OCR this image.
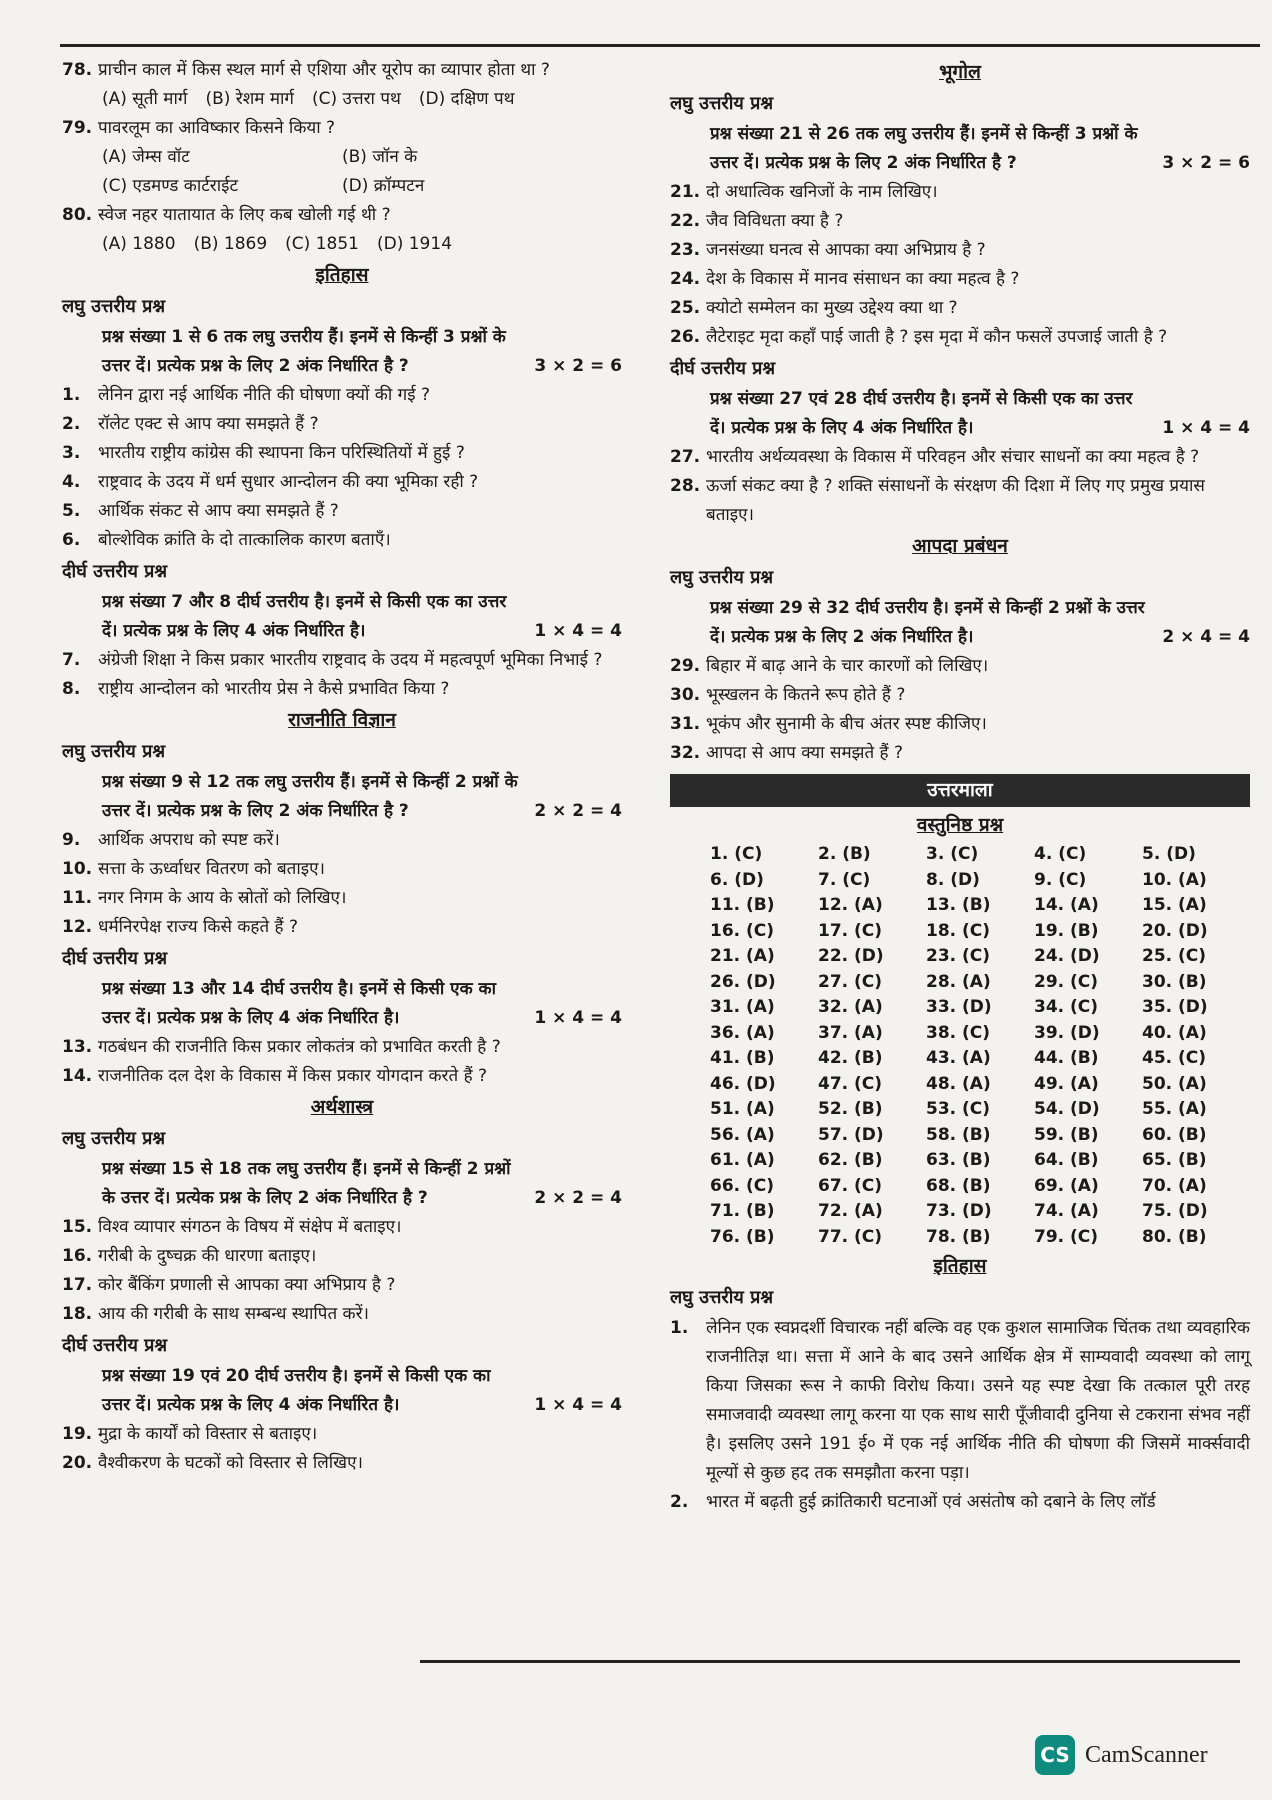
78. प्राचीन काल में किस स्थल मार्ग से एशिया और यूरोप का व्यापार होता था ?
(A) सूती मार्ग (B) रेशम मार्ग (C) उत्तरा पथ (D) दक्षिण पथ
79. पावरलूम का आविष्कार किसने किया ?
(A) जेम्स वॉट	(B) जॉन के
(C) एडमण्ड कार्टराईट	(D) क्रॉम्पटन
80. स्वेज नहर यातायात के लिए कब खोली गई थी ?
(A) 1880 (B) 1869 (C) 1851 (D) 1914
इतिहास
लघु उत्तरीय प्रश्न
प्रश्न संख्या 1 से 6 तक लघु उत्तरीय हैं। इनमें से किन्हीं 3 प्रश्नों के उत्तर दें। प्रत्येक प्रश्न के लिए 2 अंक निर्धारित है ?	3 × 2 = 6
1.	लेनिन द्वारा नई आर्थिक नीति की घोषणा क्यों की गई ?
2.	रॉलेट एक्ट से आप क्या समझते हैं ?
3.	भारतीय राष्ट्रीय कांग्रेस की स्थापना किन परिस्थितियों में हुई ?
4.	राष्ट्रवाद के उदय में धर्म सुधार आन्दोलन की क्या भूमिका रही ?
5.	आर्थिक संकट से आप क्या समझते हैं ?
6.	बोल्शेविक क्रांति के दो तात्कालिक कारण बताएँ।
दीर्घ उत्तरीय प्रश्न
प्रश्न संख्या 7 और 8 दीर्घ उत्तरीय है। इनमें से किसी एक का उत्तर दें। प्रत्येक प्रश्न के लिए 4 अंक निर्धारित है।	1 × 4 = 4
7.	अंग्रेजी शिक्षा ने किस प्रकार भारतीय राष्ट्रवाद के उदय में महत्वपूर्ण भूमिका निभाई ?
8.	राष्ट्रीय आन्दोलन को भारतीय प्रेस ने कैसे प्रभावित किया ?
राजनीति विज्ञान
लघु उत्तरीय प्रश्न
प्रश्न संख्या 9 से 12 तक लघु उत्तरीय हैं। इनमें से किन्हीं 2 प्रश्नों के उत्तर दें। प्रत्येक प्रश्न के लिए 2 अंक निर्धारित है ?	2 × 2 = 4
9.	आर्थिक अपराध को स्पष्ट करें।
10. सत्ता के ऊर्ध्वाधर वितरण को बताइए।
11. नगर निगम के आय के स्रोतों को लिखिए।
12. धर्मनिरपेक्ष राज्य किसे कहते हैं ?
दीर्घ उत्तरीय प्रश्न
प्रश्न संख्या 13 और 14 दीर्घ उत्तरीय है। इनमें से किसी एक का उत्तर दें। प्रत्येक प्रश्न के लिए 4 अंक निर्धारित है।	1 × 4 = 4
13. गठबंधन की राजनीति किस प्रकार लोकतंत्र को प्रभावित करती है ?
14. राजनीतिक दल देश के विकास में किस प्रकार योगदान करते हैं ?
अर्थशास्त्र
लघु उत्तरीय प्रश्न
प्रश्न संख्या 15 से 18 तक लघु उत्तरीय हैं। इनमें से किन्हीं 2 प्रश्नों के उत्तर दें। प्रत्येक प्रश्न के लिए 2 अंक निर्धारित है ?	2 × 2 = 4
15. विश्व व्यापार संगठन के विषय में संक्षेप में बताइए।
16. गरीबी के दुष्चक्र की धारणा बताइए।
17. कोर बैंकिंग प्रणाली से आपका क्या अभिप्राय है ?
18. आय की गरीबी के साथ सम्बन्ध स्थापित करें।
दीर्घ उत्तरीय प्रश्न
प्रश्न संख्या 19 एवं 20 दीर्घ उत्तरीय है। इनमें से किसी एक का उत्तर दें। प्रत्येक प्रश्न के लिए 4 अंक निर्धारित है।	1 × 4 = 4
19. मुद्रा के कार्यों को विस्तार से बताइए।
20. वैश्वीकरण के घटकों को विस्तार से लिखिए।
भूगोल
लघु उत्तरीय प्रश्न
प्रश्न संख्या 21 से 26 तक लघु उत्तरीय हैं। इनमें से किन्हीं 3 प्रश्नों के उत्तर दें। प्रत्येक प्रश्न के लिए 2 अंक निर्धारित है ?	3 × 2 = 6
21. दो अधात्विक खनिजों के नाम लिखिए।
22. जैव विविधता क्या है ?
23. जनसंख्या घनत्व से आपका क्या अभिप्राय है ?
24. देश के विकास में मानव संसाधन का क्या महत्व है ?
25. क्योटो सम्मेलन का मुख्य उद्देश्य क्या था ?
26. लैटेराइट मृदा कहाँ पाई जाती है ? इस मृदा में कौन फसलें उपजाई जाती है ?
दीर्घ उत्तरीय प्रश्न
प्रश्न संख्या 27 एवं 28 दीर्घ उत्तरीय है। इनमें से किसी एक का उत्तर दें। प्रत्येक प्रश्न के लिए 4 अंक निर्धारित है।	1 × 4 = 4
27. भारतीय अर्थव्यवस्था के विकास में परिवहन और संचार साधनों का क्या महत्व है ?
28. ऊर्जा संकट क्या है ? शक्ति संसाधनों के संरक्षण की दिशा में लिए गए प्रमुख प्रयास बताइए।
आपदा प्रबंधन
लघु उत्तरीय प्रश्न
प्रश्न संख्या 29 से 32 दीर्घ उत्तरीय है। इनमें से किन्हीं 2 प्रश्नों के उत्तर दें। प्रत्येक प्रश्न के लिए 2 अंक निर्धारित है।	2 × 4 = 4
29. बिहार में बाढ़ आने के चार कारणों को लिखिए।
30. भूस्खलन के कितने रूप होते हैं ?
31. भूकंप और सुनामी के बीच अंतर स्पष्ट कीजिए।
32. आपदा से आप क्या समझते हैं ?
उत्तरमाला
वस्तुनिष्ठ प्रश्न
1. (C)	2. (B)	3. (C)	4. (C)	5. (D)
6. (D)	7. (C)	8. (D)	9. (C)	10. (A)
11. (B)	12. (A)	13. (B)	14. (A)	15. (A)
16. (C)	17. (C)	18. (C)	19. (B)	20. (D)
21. (A)	22. (D)	23. (C)	24. (D)	25. (C)
26. (D)	27. (C)	28. (A)	29. (C)	30. (B)
31. (A)	32. (A)	33. (D)	34. (C)	35. (D)
36. (A)	37. (A)	38. (C)	39. (D)	40. (A)
41. (B)	42. (B)	43. (A)	44. (B)	45. (C)
46. (D)	47. (C)	48. (A)	49. (A)	50. (A)
51. (A)	52. (B)	53. (C)	54. (D)	55. (A)
56. (A)	57. (D)	58. (B)	59. (B)	60. (B)
61. (A)	62. (B)	63. (B)	64. (B)	65. (B)
66. (C)	67. (C)	68. (B)	69. (A)	70. (A)
71. (B)	72. (A)	73. (D)	74. (A)	75. (D)
76. (B)	77. (C)	78. (B)	79. (C)	80. (B)
इतिहास
लघु उत्तरीय प्रश्न
1.	लेनिन एक स्वप्नदर्शी विचारक नहीं बल्कि वह एक कुशल सामाजिक चिंतक तथा व्यवहारिक राजनीतिज्ञ था। सत्ता में आने के बाद उसने आर्थिक क्षेत्र में साम्यवादी व्यवस्था को लागू किया जिसका रूस ने काफी विरोध किया। उसने यह स्पष्ट देखा कि तत्काल पूरी तरह समाजवादी व्यवस्था लागू करना या एक साथ सारी पूँजीवादी दुनिया से टकराना संभव नहीं है। इसलिए उसने 191 ई० में एक नई आर्थिक नीति की घोषणा की जिसमें मार्क्सवादी मूल्यों से कुछ हद तक समझौता करना पड़ा।
2.	भारत में बढ़ती हुई क्रांतिकारी घटनाओं एवं असंतोष को दबाने के लिए लॉर्ड
CS CamScanner
